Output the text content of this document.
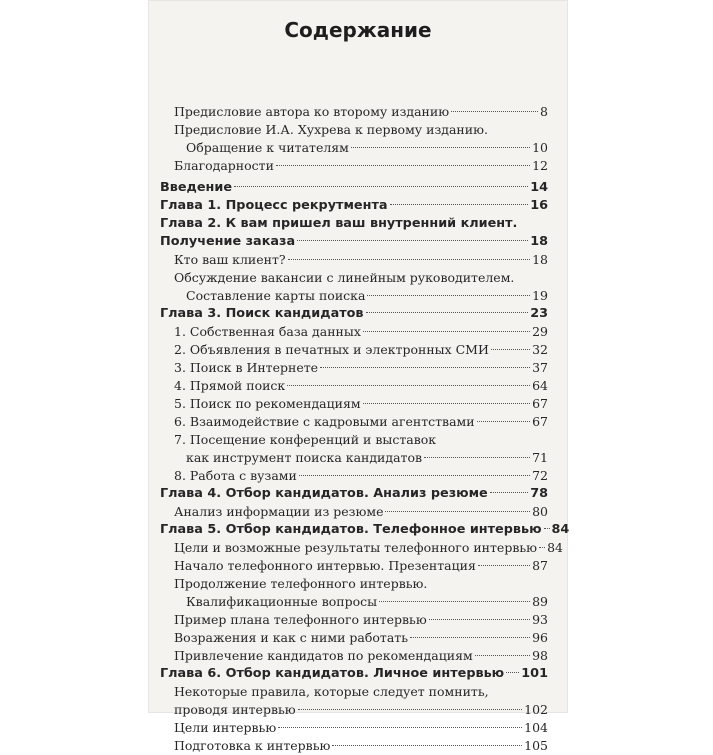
Содержание
Предисловие автора ко второму изданию	8
Предисловие И.А. Хухрева к первому изданию.
Обращение к читателям	10
Благодарности	12
Введение	14
Глава 1. Процесс рекрутмента	16
Глава 2. К вам пришел ваш внутренний клиент.
Получение заказа	18
Кто ваш клиент?	18
Обсуждение вакансии с линейным руководителем.
Составление карты поиска	19
Глава 3. Поиск кандидатов	23
1. Собственная база данных	29
2. Объявления в печатных и электронных СМИ	32
3. Поиск в Интернете	37
4. Прямой поиск	64
5. Поиск по рекомендациям	67
6. Взаимодействие с кадровыми агентствами	67
7. Посещение конференций и выставок
как инструмент поиска кандидатов	71
8. Работа с вузами	72
Глава 4. Отбор кандидатов. Анализ резюме	78
Анализ информации из резюме	80
Глава 5. Отбор кандидатов. Телефонное интервью 84
Цели и возможные результаты телефонного интервью 84
Начало телефонного интервью. Презентация	87
Продолжение телефонного интервью.
Квалификационные вопросы	89
Пример плана телефонного интервью	93
Возражения и как с ними работать	96
Привлечение кандидатов по рекомендациям	98
Глава 6. Отбор кандидатов. Личное интервью 101
Некоторые правила, которые следует помнить,
проводя интервью	102
Цели интервью	104
Подготовка к интервью	105
